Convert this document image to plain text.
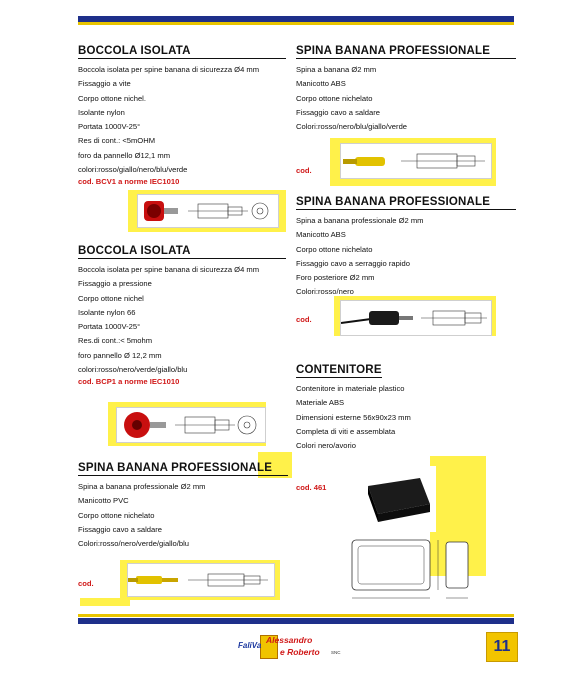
BOCCOLA ISOLATA
Boccola isolata per spine banana di sicurezza Ø4 mm
Fissaggio a vite
Corpo ottone nichel.
Isolante nylon
Portata 1000V-25°
Res di cont.: <5mOHM
foro da pannello Ø12,1 mm
colori:rosso/giallo/nero/blu/verde
cod. BCV1 a norme IEC1010
BOCCOLA ISOLATA
Boccola isolata per spine banana di sicurezza Ø4 mm
Fissaggio a pressione
Corpo ottone nichel
Isolante nylon 66
Portata 1000V-25°
Res.di cont.:< 5mohm
foro pannello Ø 12,2 mm
colori:rosso/nero/verde/giallo/blu
cod. BCP1 a norme IEC1010
SPINA BANANA PROFESSIONALE
Spina a banana professionale Ø2 mm
Manicotto PVC
Corpo ottone nichelato
Fissaggio cavo a saldare
Colori:rosso/nero/verde/giallo/blu
cod.
SPINA BANANA PROFESSIONALE
Spina a banana Ø2 mm
Manicotto ABS
Corpo ottone nichelato
Fissaggio cavo a saldare
Colori:rosso/nero/blu/giallo/verde
cod.
SPINA BANANA PROFESSIONALE
Spina a banana professionale Ø2 mm
Manicotto ABS
Corpo ottone nichelato
Fissaggio cavo a serraggio rapido
Foro posteriore Ø2 mm
Colori:rosso/nero
cod.
CONTENITORE
Contenitore in materiale plastico
Materiale ABS
Dimensioni esterne 56x90x23 mm
Completa di viti e assemblata
Colori nero/avorio
cod. 461
FaliVa
Alessandro
e Roberto	SNC	11
